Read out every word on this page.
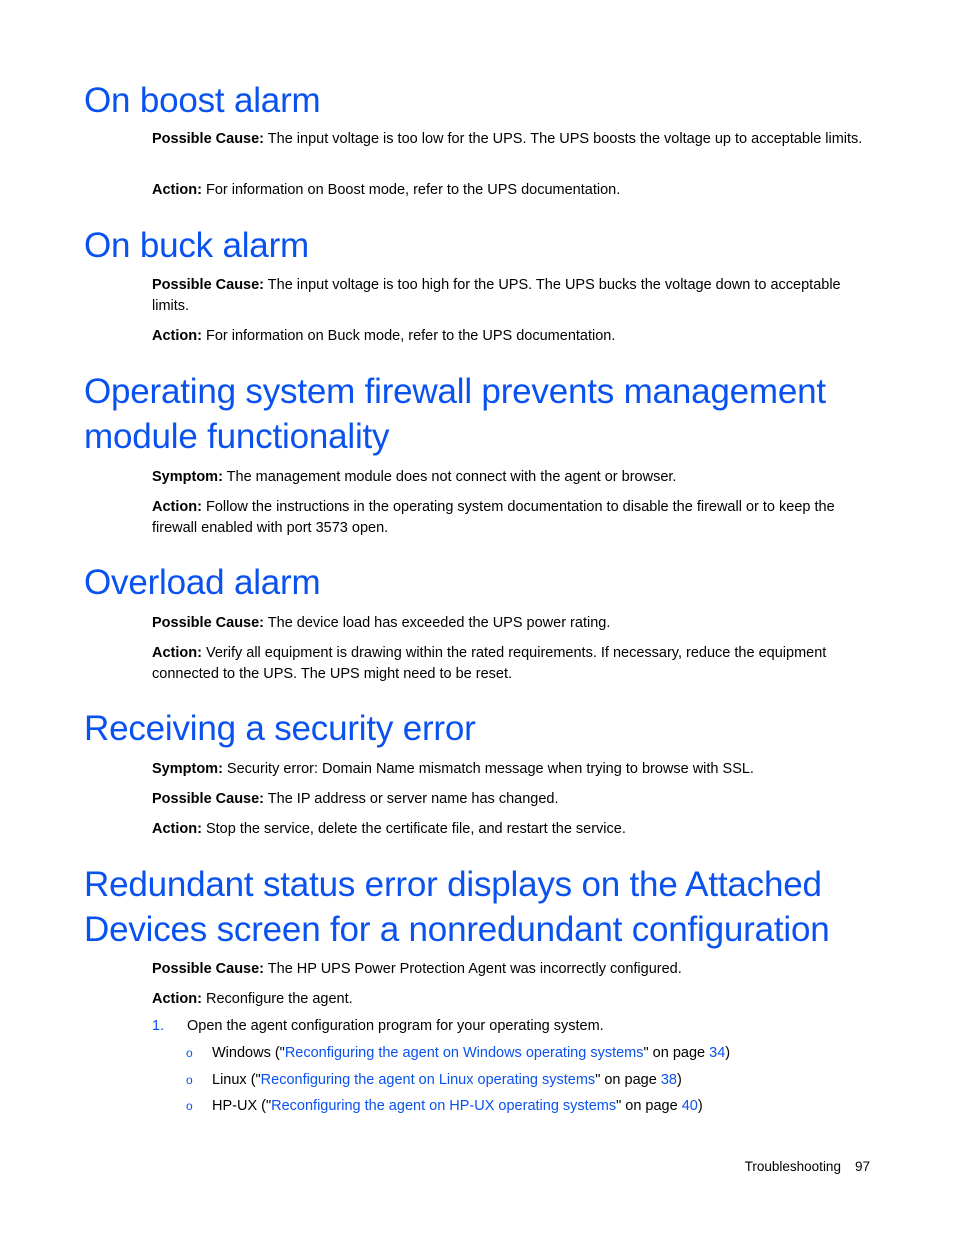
On boost alarm

Possible Cause: The input voltage is too low for the UPS. The UPS boosts the voltage up to acceptable limits.

Action: For information on Boost mode, refer to the UPS documentation.

On buck alarm

Possible Cause: The input voltage is too high for the UPS. The UPS bucks the voltage down to acceptable limits.

Action: For information on Buck mode, refer to the UPS documentation.

Operating system firewall prevents management
module functionality

Symptom: The management module does not connect with the agent or browser.

Action: Follow the instructions in the operating system documentation to disable the firewall or to keep the firewall enabled with port 3573 open.

Overload alarm

Possible Cause: The device load has exceeded the UPS power rating.

Action: Verify all equipment is drawing within the rated requirements. If necessary, reduce the equipment connected to the UPS. The UPS might need to be reset.

Receiving a security error

Symptom: Security error: Domain Name mismatch message when trying to browse with SSL.

Possible Cause: The IP address or server name has changed.

Action: Stop the service, delete the certificate file, and restart the service.

Redundant status error displays on the Attached
Devices screen for a nonredundant configuration

Possible Cause: The HP UPS Power Protection Agent was incorrectly configured.

Action: Reconfigure the agent.

1. Open the agent configuration program for your operating system.
o Windows ("Reconfiguring the agent on Windows operating systems" on page 34)
o Linux ("Reconfiguring the agent on Linux operating systems" on page 38)
o HP-UX ("Reconfiguring the agent on HP-UX operating systems" on page 40)
Troubleshooting 97
